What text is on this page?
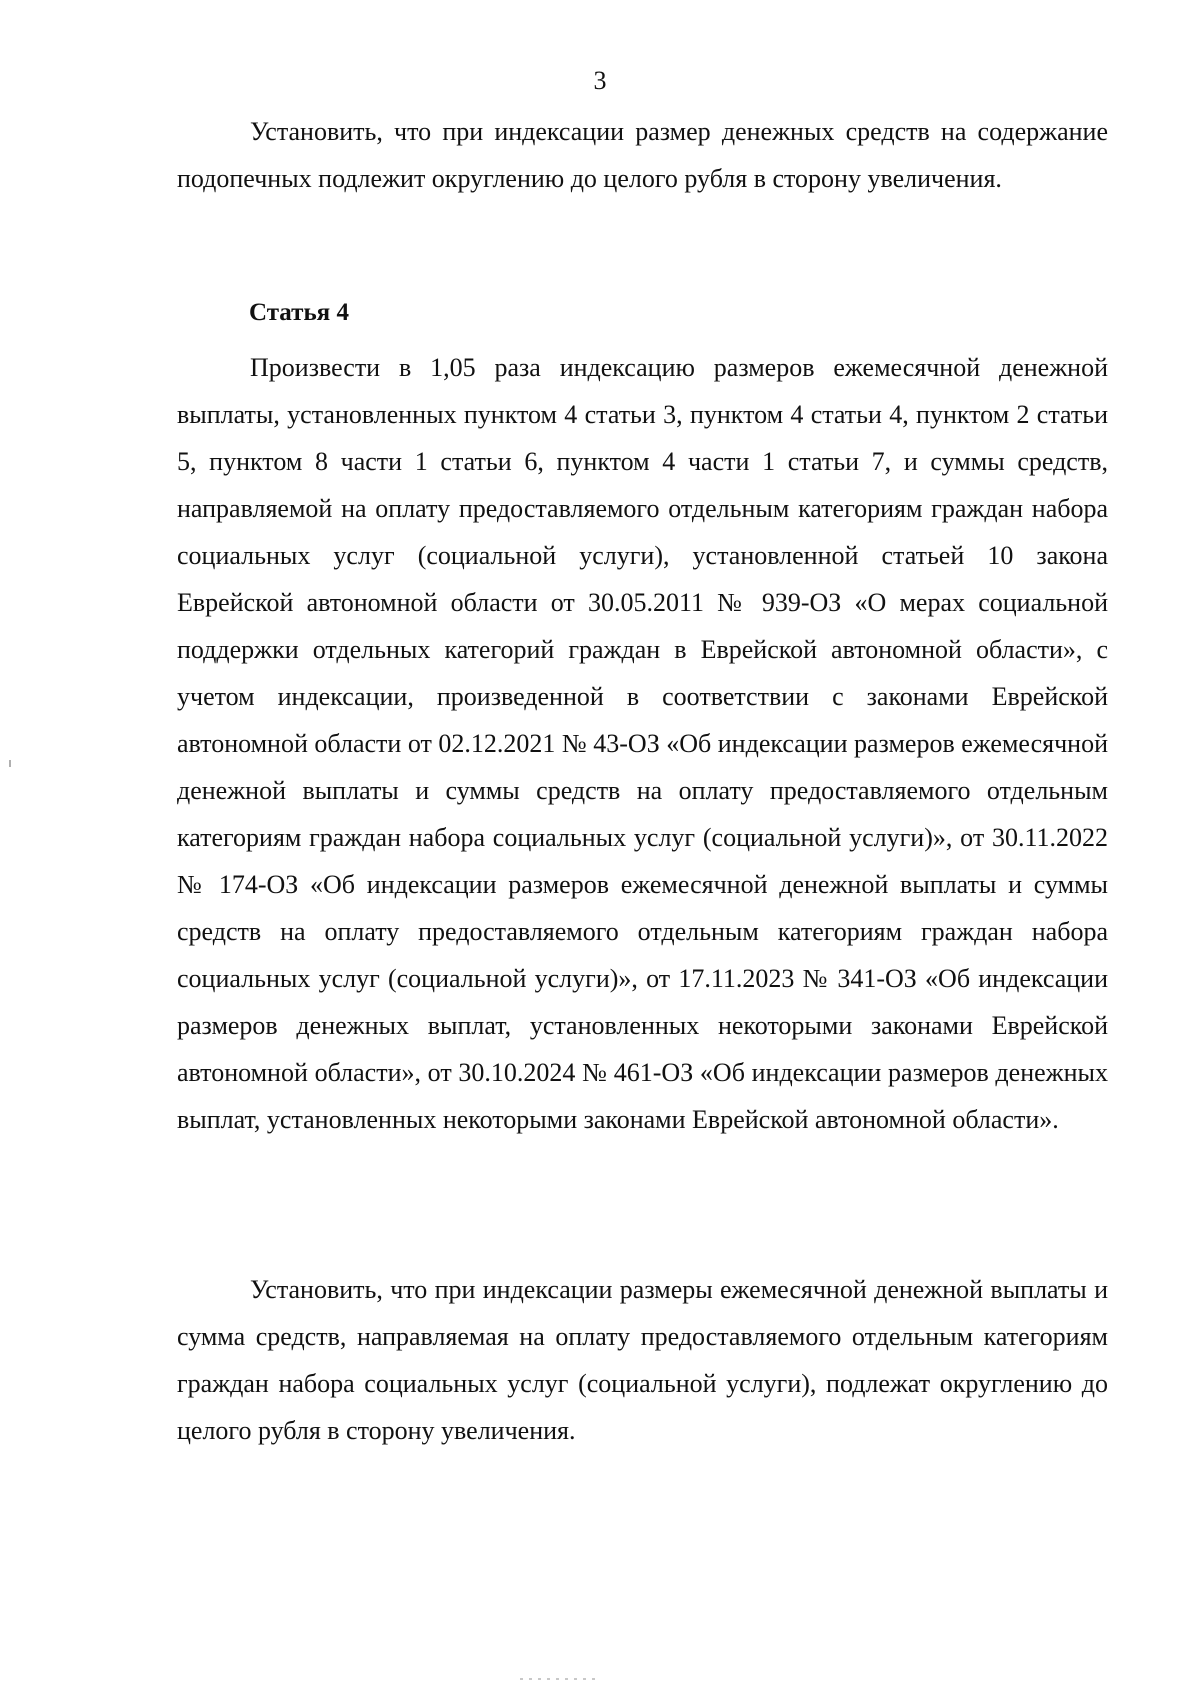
3

Установить, что при индексации размер денежных средств на содержание подопечных подлежит округлению до целого рубля в сторону увеличения.

Статья 4

Произвести в 1,05 раза индексацию размеров ежемесячной денежной выплаты, установленных пунктом 4 статьи 3, пунктом 4 статьи 4, пунктом 2 статьи 5, пунктом 8 части 1 статьи 6, пунктом 4 части 1 статьи 7, и суммы средств, направляемой на оплату предоставляемого отдельным категориям граждан набора социальных услуг (социальной услуги), установленной статьей 10 закона Еврейской автономной области от 30.05.2011 № 939-ОЗ «О мерах социальной поддержки отдельных категорий граждан в Еврейской автономной области», с учетом индексации, произведенной в соответствии с законами Еврейской автономной области от 02.12.2021 № 43-ОЗ «Об индексации размеров ежемесячной денежной выплаты и суммы средств на оплату предоставляемого отдельным категориям граждан набора социальных услуг (социальной услуги)», от 30.11.2022 № 174-ОЗ «Об индексации размеров ежемесячной денежной выплаты и суммы средств на оплату предоставляемого отдельным категориям граждан набора социальных услуг (социальной услуги)», от 17.11.2023 № 341-ОЗ «Об индексации размеров денежных выплат, установленных некоторыми законами Еврейской автономной области», от 30.10.2024 № 461-ОЗ «Об индексации размеров денежных выплат, установленных некоторыми законами Еврейской автономной области».

Установить, что при индексации размеры ежемесячной денежной выплаты и сумма средств, направляемая на оплату предоставляемого отдельным категориям граждан набора социальных услуг (социальной услуги), подлежат округлению до целого рубля в сторону увеличения.
